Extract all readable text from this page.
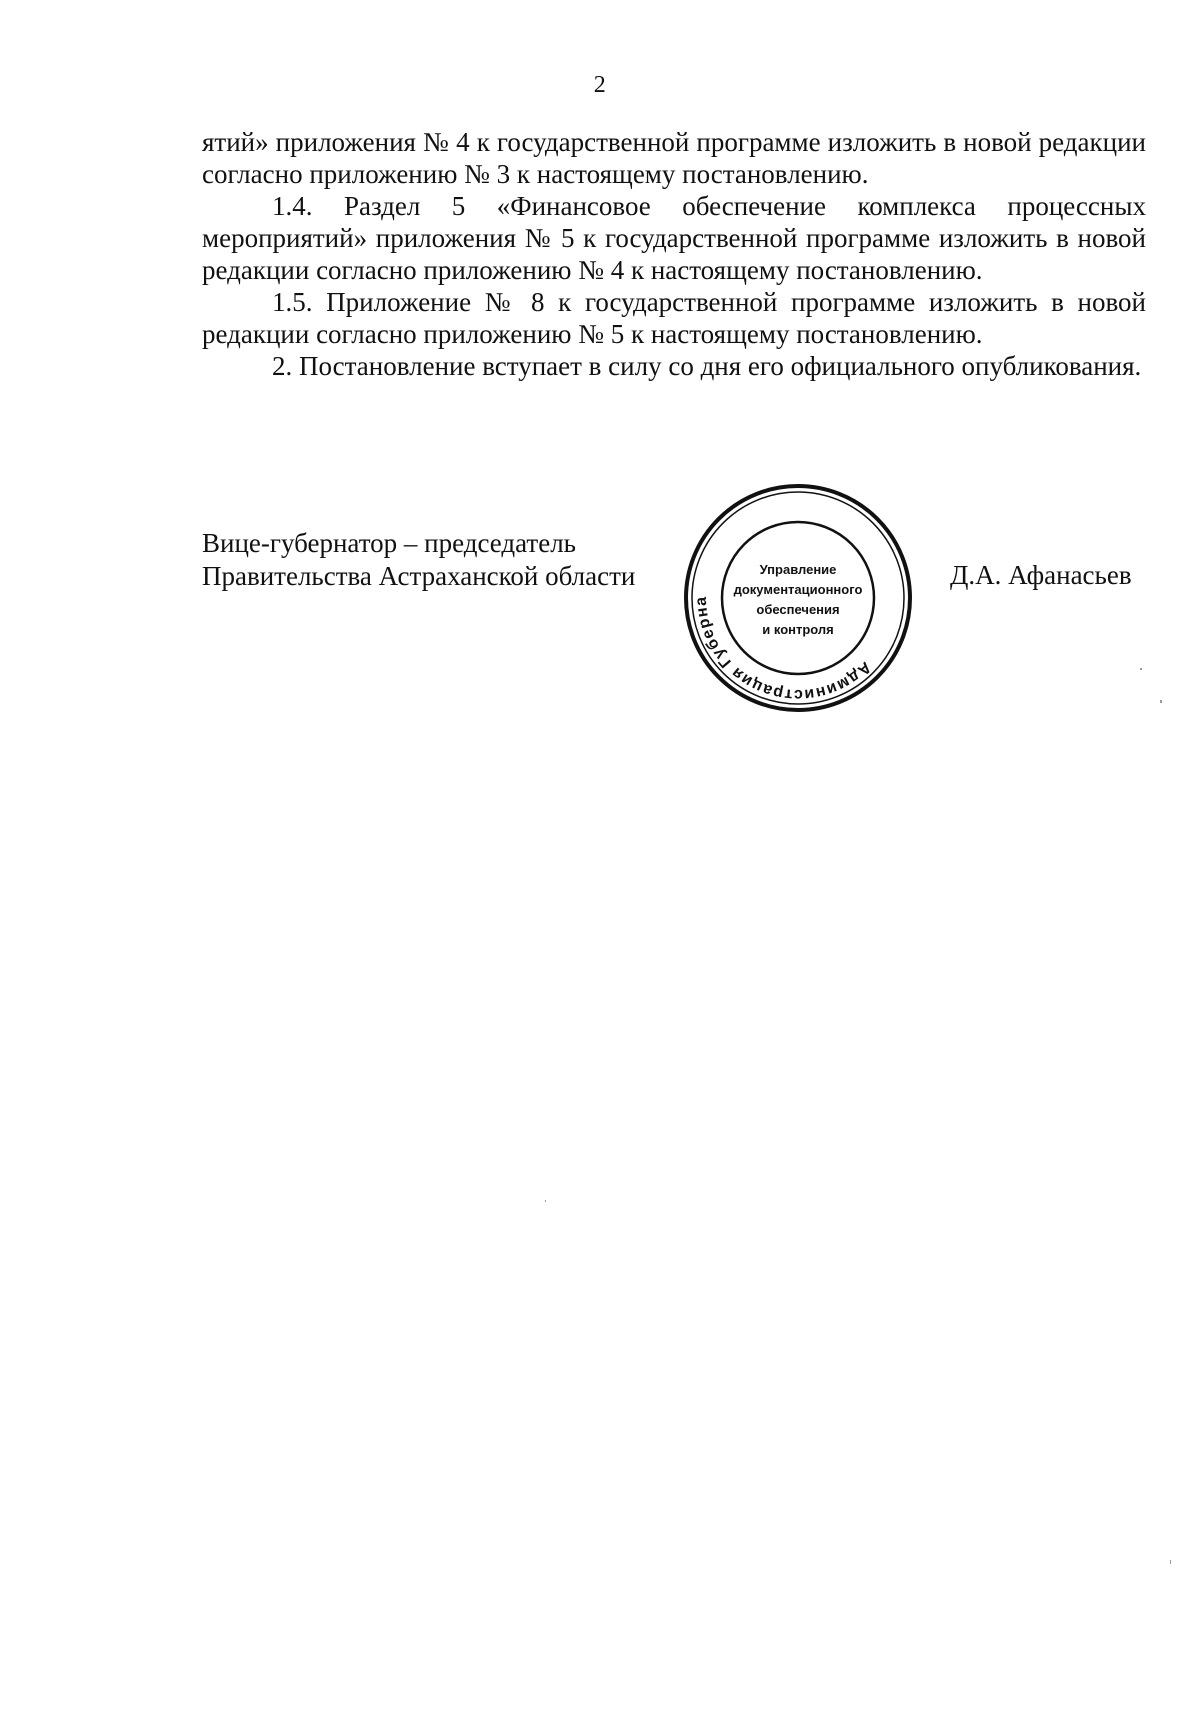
2

ятий» приложения № 4 к государственной программе изложить в новой редакции согласно приложению № 3 к настоящему постановлению.

1.4. Раздел 5 «Финансовое обеспечение комплекса процессных мероприятий» приложения № 5 к государственной программе изложить в новой редакции согласно приложению № 4 к настоящему постановлению.

1.5. Приложение № 8 к государственной программе изложить в новой редакции согласно приложению № 5 к настоящему постановлению.

2. Постановление вступает в силу со дня его официального опубликования.

Вице-губернатор – председатель
Правительства Астраханской области
Администрация Губерна
Управление
документационного
обеспечения
и контроля
Д.А. Афанасьев
